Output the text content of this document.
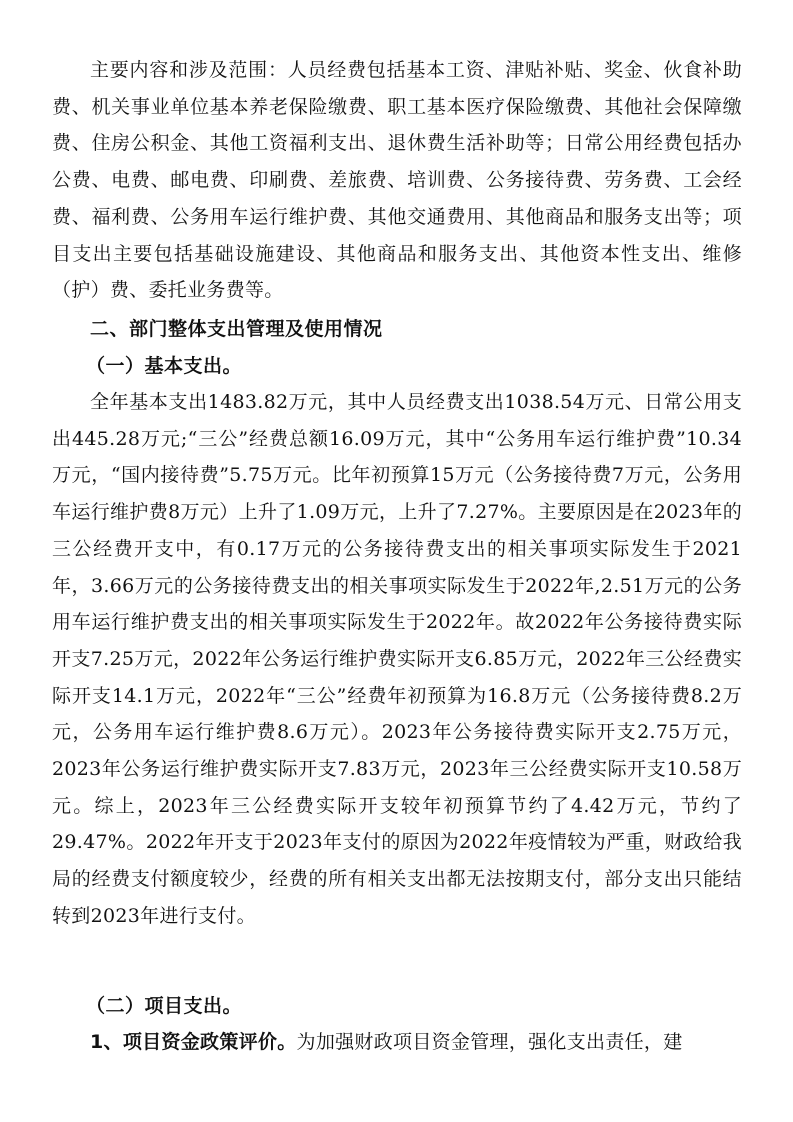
主要内容和涉及范围：人员经费包括基本工资、津贴补贴、奖金、伙食补助费、机关事业单位基本养老保险缴费、职工基本医疗保险缴费、其他社会保障缴费、住房公积金、其他工资福利支出、退休费生活补助等；日常公用经费包括办公费、电费、邮电费、印刷费、差旅费、培训费、公务接待费、劳务费、工会经费、福利费、公务用车运行维护费、其他交通费用、其他商品和服务支出等；项目支出主要包括基础设施建设、其他商品和服务支出、其他资本性支出、维修（护）费、委托业务费等。

二、部门整体支出管理及使用情况
（一）基本支出。

全年基本支出1483.82万元，其中人员经费支出1038.54万元、日常公用支出445.28万元;“三公”经费总额16.09万元，其中“公务用车运行维护费”10.34万元，“国内接待费”5.75万元。比年初预算15万元（公务接待费7万元，公务用车运行维护费8万元）上升了1.09万元，上升了7.27%。主要原因是在2023年的三公经费开支中，有0.17万元的公务接待费支出的相关事项实际发生于2021年，3.66万元的公务接待费支出的相关事项实际发生于2022年,2.51万元的公务用车运行维护费支出的相关事项实际发生于2022年。故2022年公务接待费实际开支7.25万元，2022年公务运行维护费实际开支6.85万元，2022年三公经费实际开支14.1万元，2022年“三公”经费年初预算为16.8万元（公务接待费8.2万元，公务用车运行维护费8.6万元）。2023年公务接待费实际开支2.75万元，2023年公务运行维护费实际开支7.83万元，2023年三公经费实际开支10.58万元。综上，2023年三公经费实际开支较年初预算节约了4.42万元，节约了29.47%。2022年开支于2023年支付的原因为2022年疫情较为严重，财政给我局的经费支付额度较少，经费的所有相关支出都无法按期支付，部分支出只能结转到2023年进行支付。

（二）项目支出。

1、项目资金政策评价。为加强财政项目资金管理，强化支出责任，建
